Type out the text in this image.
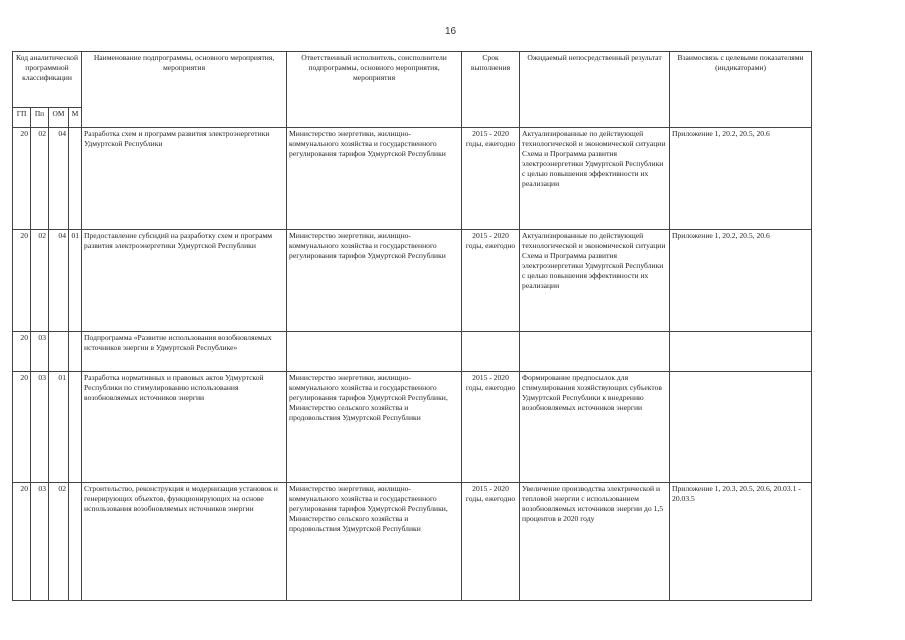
16
Код аналитической программной классификации				Наименование подпрограммы, основного мероприятия, мероприятия	Ответственный исполнитель, соисполнители подпрограммы, основного мероприятия, мероприятия	Срок выполнения	Ожидаемый непосредственный результат	Взаимосвязь с целевыми показателями (индикаторами)
ГП	Пп	ОМ	М					
20	02	04		Разработка схем и программ развития электроэнергетики Удмуртской Республики	Министерство энергетики, жилищно-коммунального хозяйства и государственного регулирования тарифов Удмуртской Республики	2015 - 2020 годы, ежегодно	Актуализированные по действующей технологической и экономической ситуации Схема и Программа развития электроэнергетики Удмуртской Республики с целью повышения эффективности их реализации	Приложение 1, 20.2, 20.5, 20.6
20	02	04	01	Предоставление субсидий на разработку схем и программ развития электроэнергетики Удмуртской Республики	Министерство энергетики, жилищно-коммунального хозяйства и государственного регулирования тарифов Удмуртской Республики	2015 - 2020 годы, ежегодно	Актуализированные по действующей технологической и экономической ситуации Схема и Программа развития электроэнергетики Удмуртской Республики с целью повышения эффективности их реализации	Приложение 1, 20.2, 20.5, 20.6
20	03			Подпрограмма «Развитие использования возобновляемых источников энергии в Удмуртской Республике»				
20	03	01		Разработка нормативных и правовых актов Удмуртской Республики по стимулированию использования возобновляемых источников энергии	Министерство энергетики, жилищно-коммунального хозяйства и государственного регулирования тарифов Удмуртской Республики, Министерство сельского хозяйства и продовольствия Удмуртской Республики	2015 - 2020 годы, ежегодно	Формирование предпосылок для стимулирования хозяйствующих субъектов Удмуртской Республики к внедрению возобновляемых источников энергии	
20	03	02		Строительство, реконструкция и модернизация установок и генерирующих объектов, функционирующих на основе использования возобновляемых источников энергии	Министерство энергетики, жилищно-коммунального хозяйства и государственного регулирования тарифов Удмуртской Республики, Министерство сельского хозяйства и продовольствия Удмуртской Республики	2015 - 2020 годы, ежегодно	Увеличение производства электрической и тепловой энергии с использованием возобновляемых источников энергии до 1,5 процентов в 2020 году	Приложение 1, 20.3, 20.5, 20.6, 20.03.1 - 20.03.5
